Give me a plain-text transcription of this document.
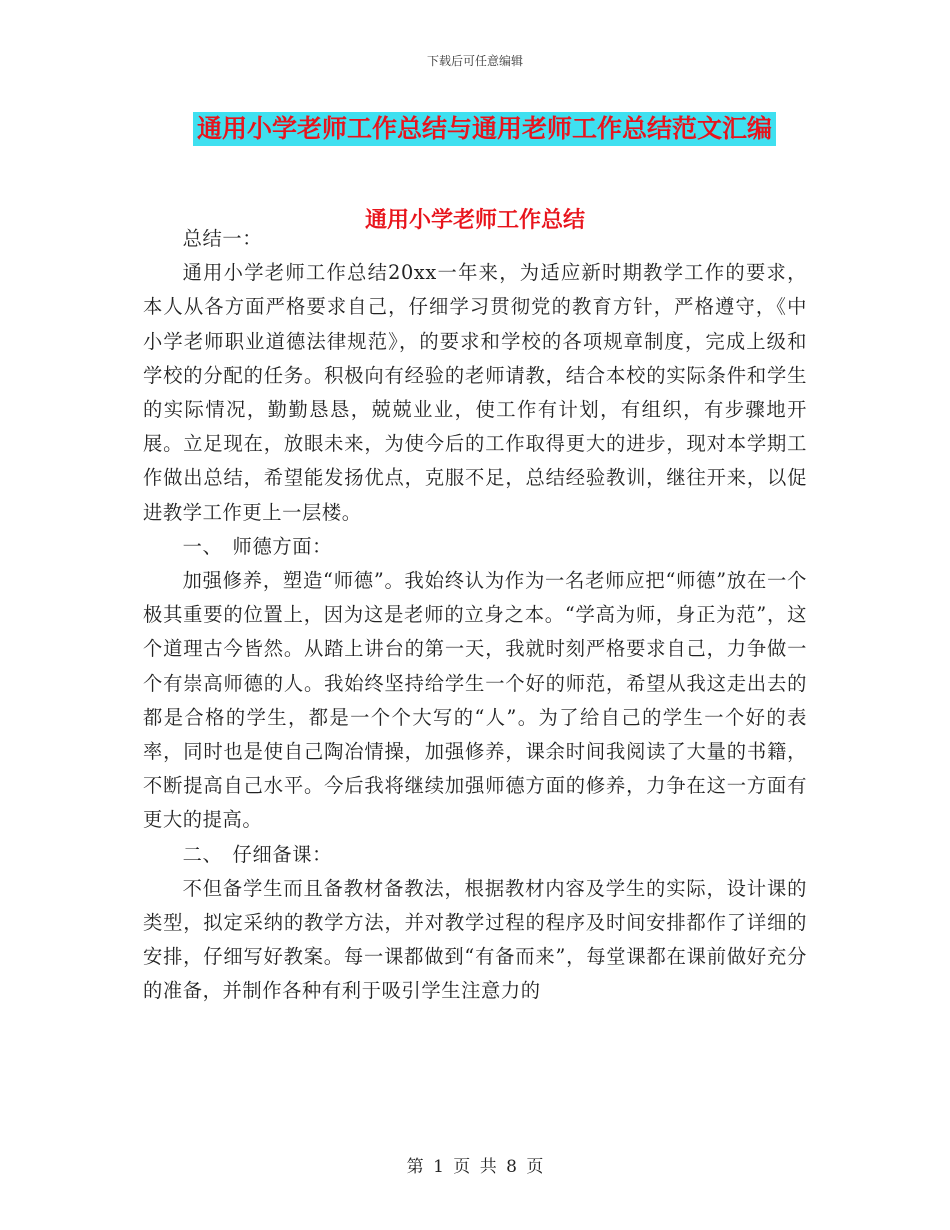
下载后可任意编辑
通用小学老师工作总结与通用老师工作总结范文汇编
通用小学老师工作总结

总结一：

通用小学老师工作总结20xx一年来，为适应新时期教学工作的要求，本人从各方面严格要求自己，仔细学习贯彻党的教育方针，严格遵守，《中小学老师职业道德法律规范》，的要求和学校的各项规章制度，完成上级和学校的分配的任务。积极向有经验的老师请教，结合本校的实际条件和学生的实际情况，勤勤恳恳，兢兢业业，使工作有计划，有组织，有步骤地开展。立足现在，放眼未来，为使今后的工作取得更大的进步，现对本学期工作做出总结，希望能发扬优点，克服不足，总结经验教训，继往开来，以促进教学工作更上一层楼。

一、　师德方面：

加强修养，塑造“师德”。我始终认为作为一名老师应把“师德”放在一个极其重要的位置上，因为这是老师的立身之本。“学高为师，身正为范”，这个道理古今皆然。从踏上讲台的第一天，我就时刻严格要求自己，力争做一个有崇高师德的人。我始终坚持给学生一个好的师范，希望从我这走出去的都是合格的学生，都是一个个大写的“人”。为了给自己的学生一个好的表率，同时也是使自己陶冶情操，加强修养，课余时间我阅读了大量的书籍，不断提高自己水平。今后我将继续加强师德方面的修养，力争在这一方面有更大的提高。

二、　仔细备课：

不但备学生而且备教材备教法，根据教材内容及学生的实际，设计课的类型，拟定采纳的教学方法，并对教学过程的程序及时间安排都作了详细的安排，仔细写好教案。每一课都做到“有备而来”，每堂课都在课前做好充分的准备，并制作各种有利于吸引学生注意力的

第 1 页 共 8 页
